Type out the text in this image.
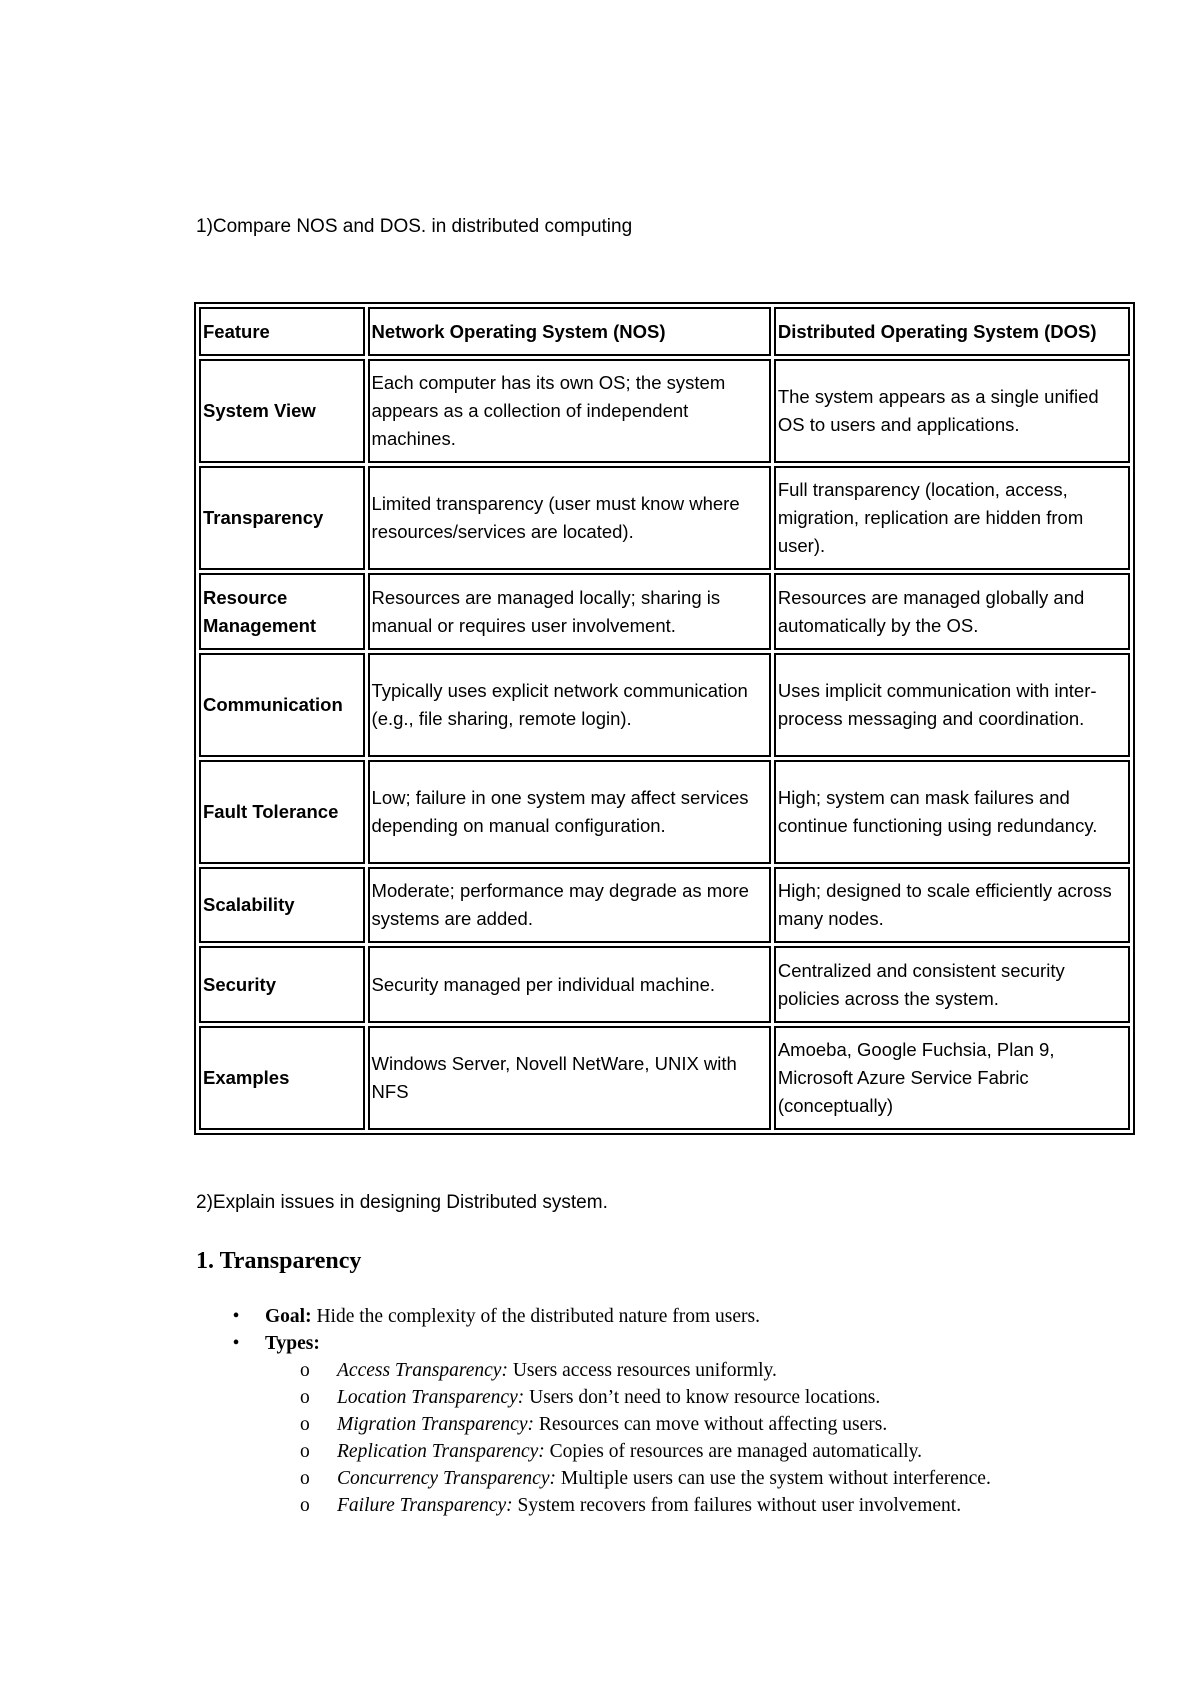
1)Compare NOS and DOS. in distributed computing

Feature	Network Operating System (NOS)	Distributed Operating System (DOS)
System View	Each computer has its own OS; the system appears as a collection of independent machines.	The system appears as a single unified OS to users and applications.
Transparency	Limited transparency (user must know where resources/services are located).	Full transparency (location, access, migration, replication are hidden from user).
Resource Management	Resources are managed locally; sharing is manual or requires user involvement.	Resources are managed globally and automatically by the OS.
Communication	Typically uses explicit network communication (e.g., file sharing, remote login).	Uses implicit communication with inter-process messaging and coordination.
Fault Tolerance	Low; failure in one system may affect services depending on manual configuration.	High; system can mask failures and continue functioning using redundancy.
Scalability	Moderate; performance may degrade as more systems are added.	High; designed to scale efficiently across many nodes.
Security	Security managed per individual machine.	Centralized and consistent security policies across the system.
Examples	Windows Server, Novell NetWare, UNIX with NFS	Amoeba, Google Fuchsia, Plan 9, Microsoft Azure Service Fabric (conceptually)

2)Explain issues in designing Distributed system.

1. Transparency
• Goal: Hide the complexity of the distributed nature from users.
• Types:
o Access Transparency: Users access resources uniformly.
o Location Transparency: Users don’t need to know resource locations.
o Migration Transparency: Resources can move without affecting users.
o Replication Transparency: Copies of resources are managed automatically.
o Concurrency Transparency: Multiple users can use the system without interference.
o Failure Transparency: System recovers from failures without user involvement.
